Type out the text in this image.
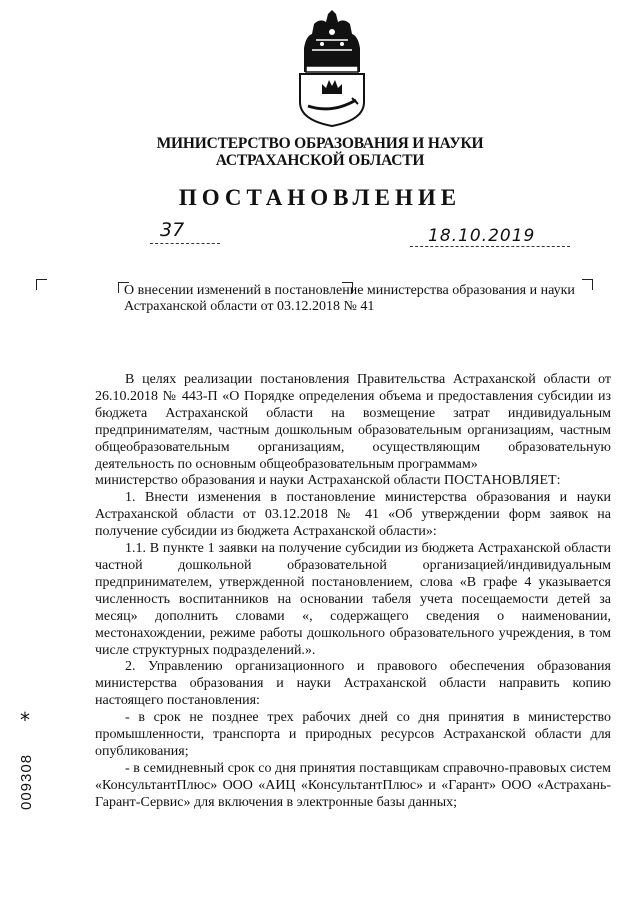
МИНИСТЕРСТВО ОБРАЗОВАНИЯ И НАУКИ
АСТРАХАНСКОЙ ОБЛАСТИ
ПОСТАНОВЛЕНИЕ
37	18.10.2019
О внесении изменений в постановление министерства образования и науки Астраханской области от 03.12.2018 № 41

В целях реализации постановления Правительства Астраханской области от 26.10.2018 № 443-П «О Порядке определения объема и предоставления субсидии из бюджета Астраханской области на возмещение затрат индивидуальным предпринимателям, частным дошкольным образовательным организациям, частным общеобразовательным организациям, осуществляющим образовательную деятельность по основным общеобразовательным программам»

министерство образования и науки Астраханской области ПОСТАНОВЛЯЕТ:

1. Внести изменения в постановление министерства образования и науки Астраханской области от 03.12.2018 № 41 «Об утверждении форм заявок на получение субсидии из бюджета Астраханской области»:

1.1. В пункте 1 заявки на получение субсидии из бюджета Астраханской области частной дошкольной образовательной организацией/индивидуальным предпринимателем, утвержденной постановлением, слова «В графе 4 указывается численность воспитанников на основании табеля учета посещаемости детей за месяц» дополнить словами «, содержащего сведения о наименовании, местонахождении, режиме работы дошкольного образовательного учреждения, в том числе структурных подразделений.».

2. Управлению организационного и правового обеспечения образования министерства образования и науки Астраханской области направить копию настоящего постановления:

- в срок не позднее трех рабочих дней со дня принятия в министерство промышленности, транспорта и природных ресурсов Астраханской области для опубликования;

- в семидневный срок со дня принятия поставщикам справочно-правовых систем «КонсультантПлюс» ООО «АИЦ «КонсультантПлюс» и «Гарант» ООО «Астрахань-Гарант-Сервис» для включения в электронные базы данных;

*
009308
